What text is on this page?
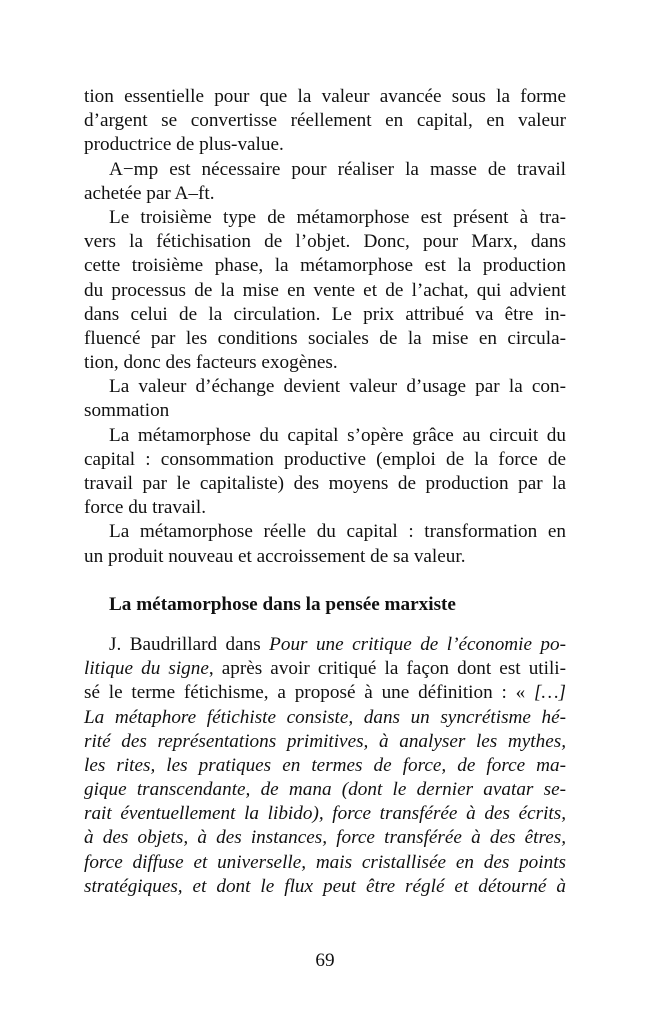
tion essentielle pour que la valeur avancée sous la forme
d’argent se convertisse réellement en capital, en valeur
productrice de plus-value.
A−mp est nécessaire pour réaliser la masse de travail
achetée par A–ft.
Le troisième type de métamorphose est présent à tra-
vers la fétichisation de l’objet. Donc, pour Marx, dans
cette troisième phase, la métamorphose est la production
du processus de la mise en vente et de l’achat, qui advient
dans celui de la circulation. Le prix attribué va être in-
fluencé par les conditions sociales de la mise en circula-
tion, donc des facteurs exogènes.
La valeur d’échange devient valeur d’usage par la con-
sommation
La métamorphose du capital s’opère grâce au circuit du
capital : consommation productive (emploi de la force de
travail par le capitaliste) des moyens de production par la
force du travail.
La métamorphose réelle du capital : transformation en
un produit nouveau et accroissement de sa valeur.
La métamorphose dans la pensée marxiste
J. Baudrillard dans Pour une critique de l’économie po-
litique du signe, après avoir critiqué la façon dont est utili-
sé le terme fétichisme, a proposé à une définition : « […]
La métaphore fétichiste consiste, dans un syncrétisme hé-
rité des représentations primitives, à analyser les mythes,
les rites, les pratiques en termes de force, de force ma-
gique transcendante, de mana (dont le dernier avatar se-
rait éventuellement la libido), force transférée à des écrits,
à des objets, à des instances, force transférée à des êtres,
force diffuse et universelle, mais cristallisée en des points
stratégiques, et dont le flux peut être réglé et détourné à
69
